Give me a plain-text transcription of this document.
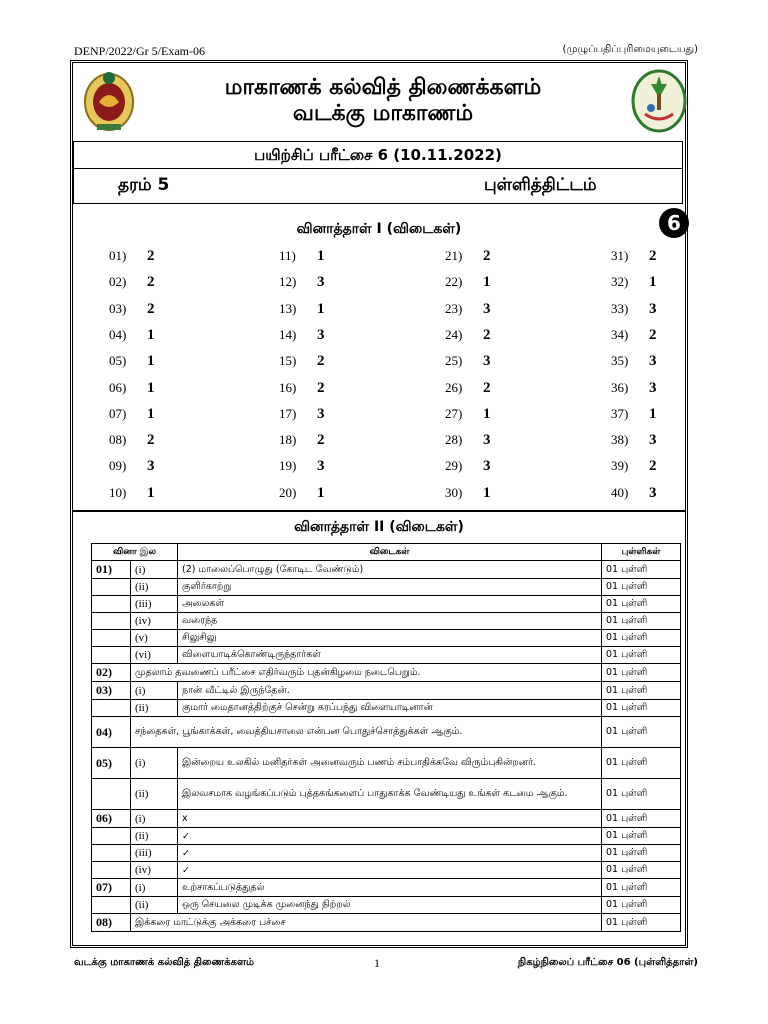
DENP/2022/Gr 5/Exam-06	(முழுப்பதிப்புரிமையுடையது)
மாகாணக் கல்வித் திணைக்களம்
வடக்கு மாகாணம்
பயிற்சிப் பரீட்சை 6 (10.11.2022)
தரம் 5	புள்ளித்திட்டம்
வினாத்தாள் I (விடைகள்)	6
01) 2
02) 2
03) 2
04) 1
05) 1
06) 1
07) 1
08) 2
09) 3
10) 1
11) 1
12) 3
13) 1
14) 3
15) 2
16) 2
17) 3
18) 2
19) 3
20) 1
21) 2
22) 1
23) 3
24) 2
25) 3
26) 2
27) 1
28) 3
29) 3
30) 1
31) 2
32) 1
33) 3
34) 2
35) 3
36) 3
37) 1
38) 3
39) 2
40) 3
வினாத்தாள் II (விடைகள்)
வினா இல		விடைகள்	புள்ளிகள்
01)	(i)	(2) மாலைப்பொழுது (கோடிட வேண்டும்)	01 புள்ளி
	(ii)	குளிர்காற்று	01 புள்ளி
	(iii)	அலைகள்	01 புள்ளி
	(iv)	வரைந்த	01 புள்ளி
	(v)	சிலுசிலு	01 புள்ளி
	(vi)	விளையாடிக்கொண்டிருந்தார்கள்	01 புள்ளி
02)	முதலாம் தவணைப் பரீட்சை எதிர்வரும் புதன்கிழமை நடைபெறும்.		01 புள்ளி
03)	(i)	நான் வீட்டில் இருந்தேன்.	01 புள்ளி
	(ii)	குமார் மைதானத்திற்குச் சென்று கரப்பந்து விளையாடினான்	01 புள்ளி
04)	சந்தைகள், பூங்காக்கள், வைத்தியசாலை என்பன பொதுச்சொத்துக்கள் ஆகும்.		01 புள்ளி
05)	(i)	இன்றைய உலகில் மனிதர்கள் அனைவரும் பணம் சம்பாதிக்கவே விரும்புகின்றனர்.	01 புள்ளி
	(ii)	இலவசமாக வழங்கப்படும் புத்தகங்களைப் பாதுகாக்க வேண்டியது உங்கள் கடமை ஆகும்.	01 புள்ளி
06)	(i)	x	01 புள்ளி
	(ii)	✓	01 புள்ளி
	(iii)	✓	01 புள்ளி
	(iv)	✓	01 புள்ளி
07)	(i)	உற்சாகப்படுத்துதல்	01 புள்ளி
	(ii)	ஒரு செயலை முடிக்க முனைந்து நிற்றல்	01 புள்ளி
08)	இக்கரை மாட்டுக்கு அக்கரை பச்சை		01 புள்ளி
வடக்கு மாகாணக் கல்வித் திணைக்களம்	1	நிகழ்நிலைப் பரீட்சை 06 (புள்ளித்தாள்)
